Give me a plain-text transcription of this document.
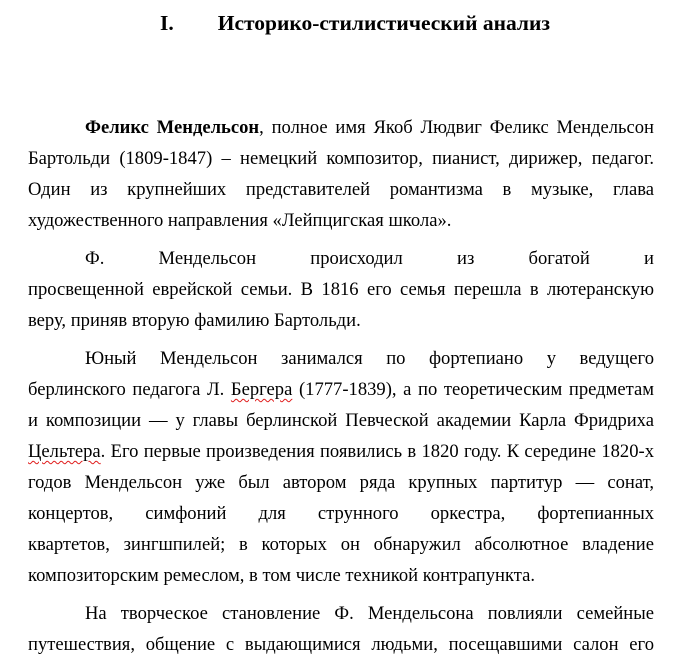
I. Историко-стилистический анализ

Феликс Мендельсон, полное имя Якоб Людвиг Феликс Мендельсон
Бартольди (1809-1847) – немецкий композитор, пианист, дирижер, педагог.
Один из крупнейших представителей романтизма в музыке, глава
художественного направления «Лейпцигская школа».

Ф. Мендельсон происходил из богатой и
просвещенной еврейской семьи. В 1816 его семья перешла в лютеранскую
веру, приняв вторую фамилию Бартольди.

Юный Мендельсон занимался по фортепиано у ведущего
берлинского педагога Л. Бергера (1777-1839), а по теоретическим предметам
и композиции — у главы берлинской Певческой академии Карла Фридриха
Цельтера. Его первые произведения появились в 1820 году. К середине 1820-х
годов Мендельсон уже был автором ряда крупных партитур — сонат,
концертов, симфоний для струнного оркестра, фортепианных
квартетов, зингшпилей; в которых он обнаружил абсолютное владение
композиторским ремеслом, в том числе техникой контрапункта.

На творческое становление Ф. Мендельсона повлияли семейные
путешествия, общение с выдающимися людьми, посещавшими салон его
